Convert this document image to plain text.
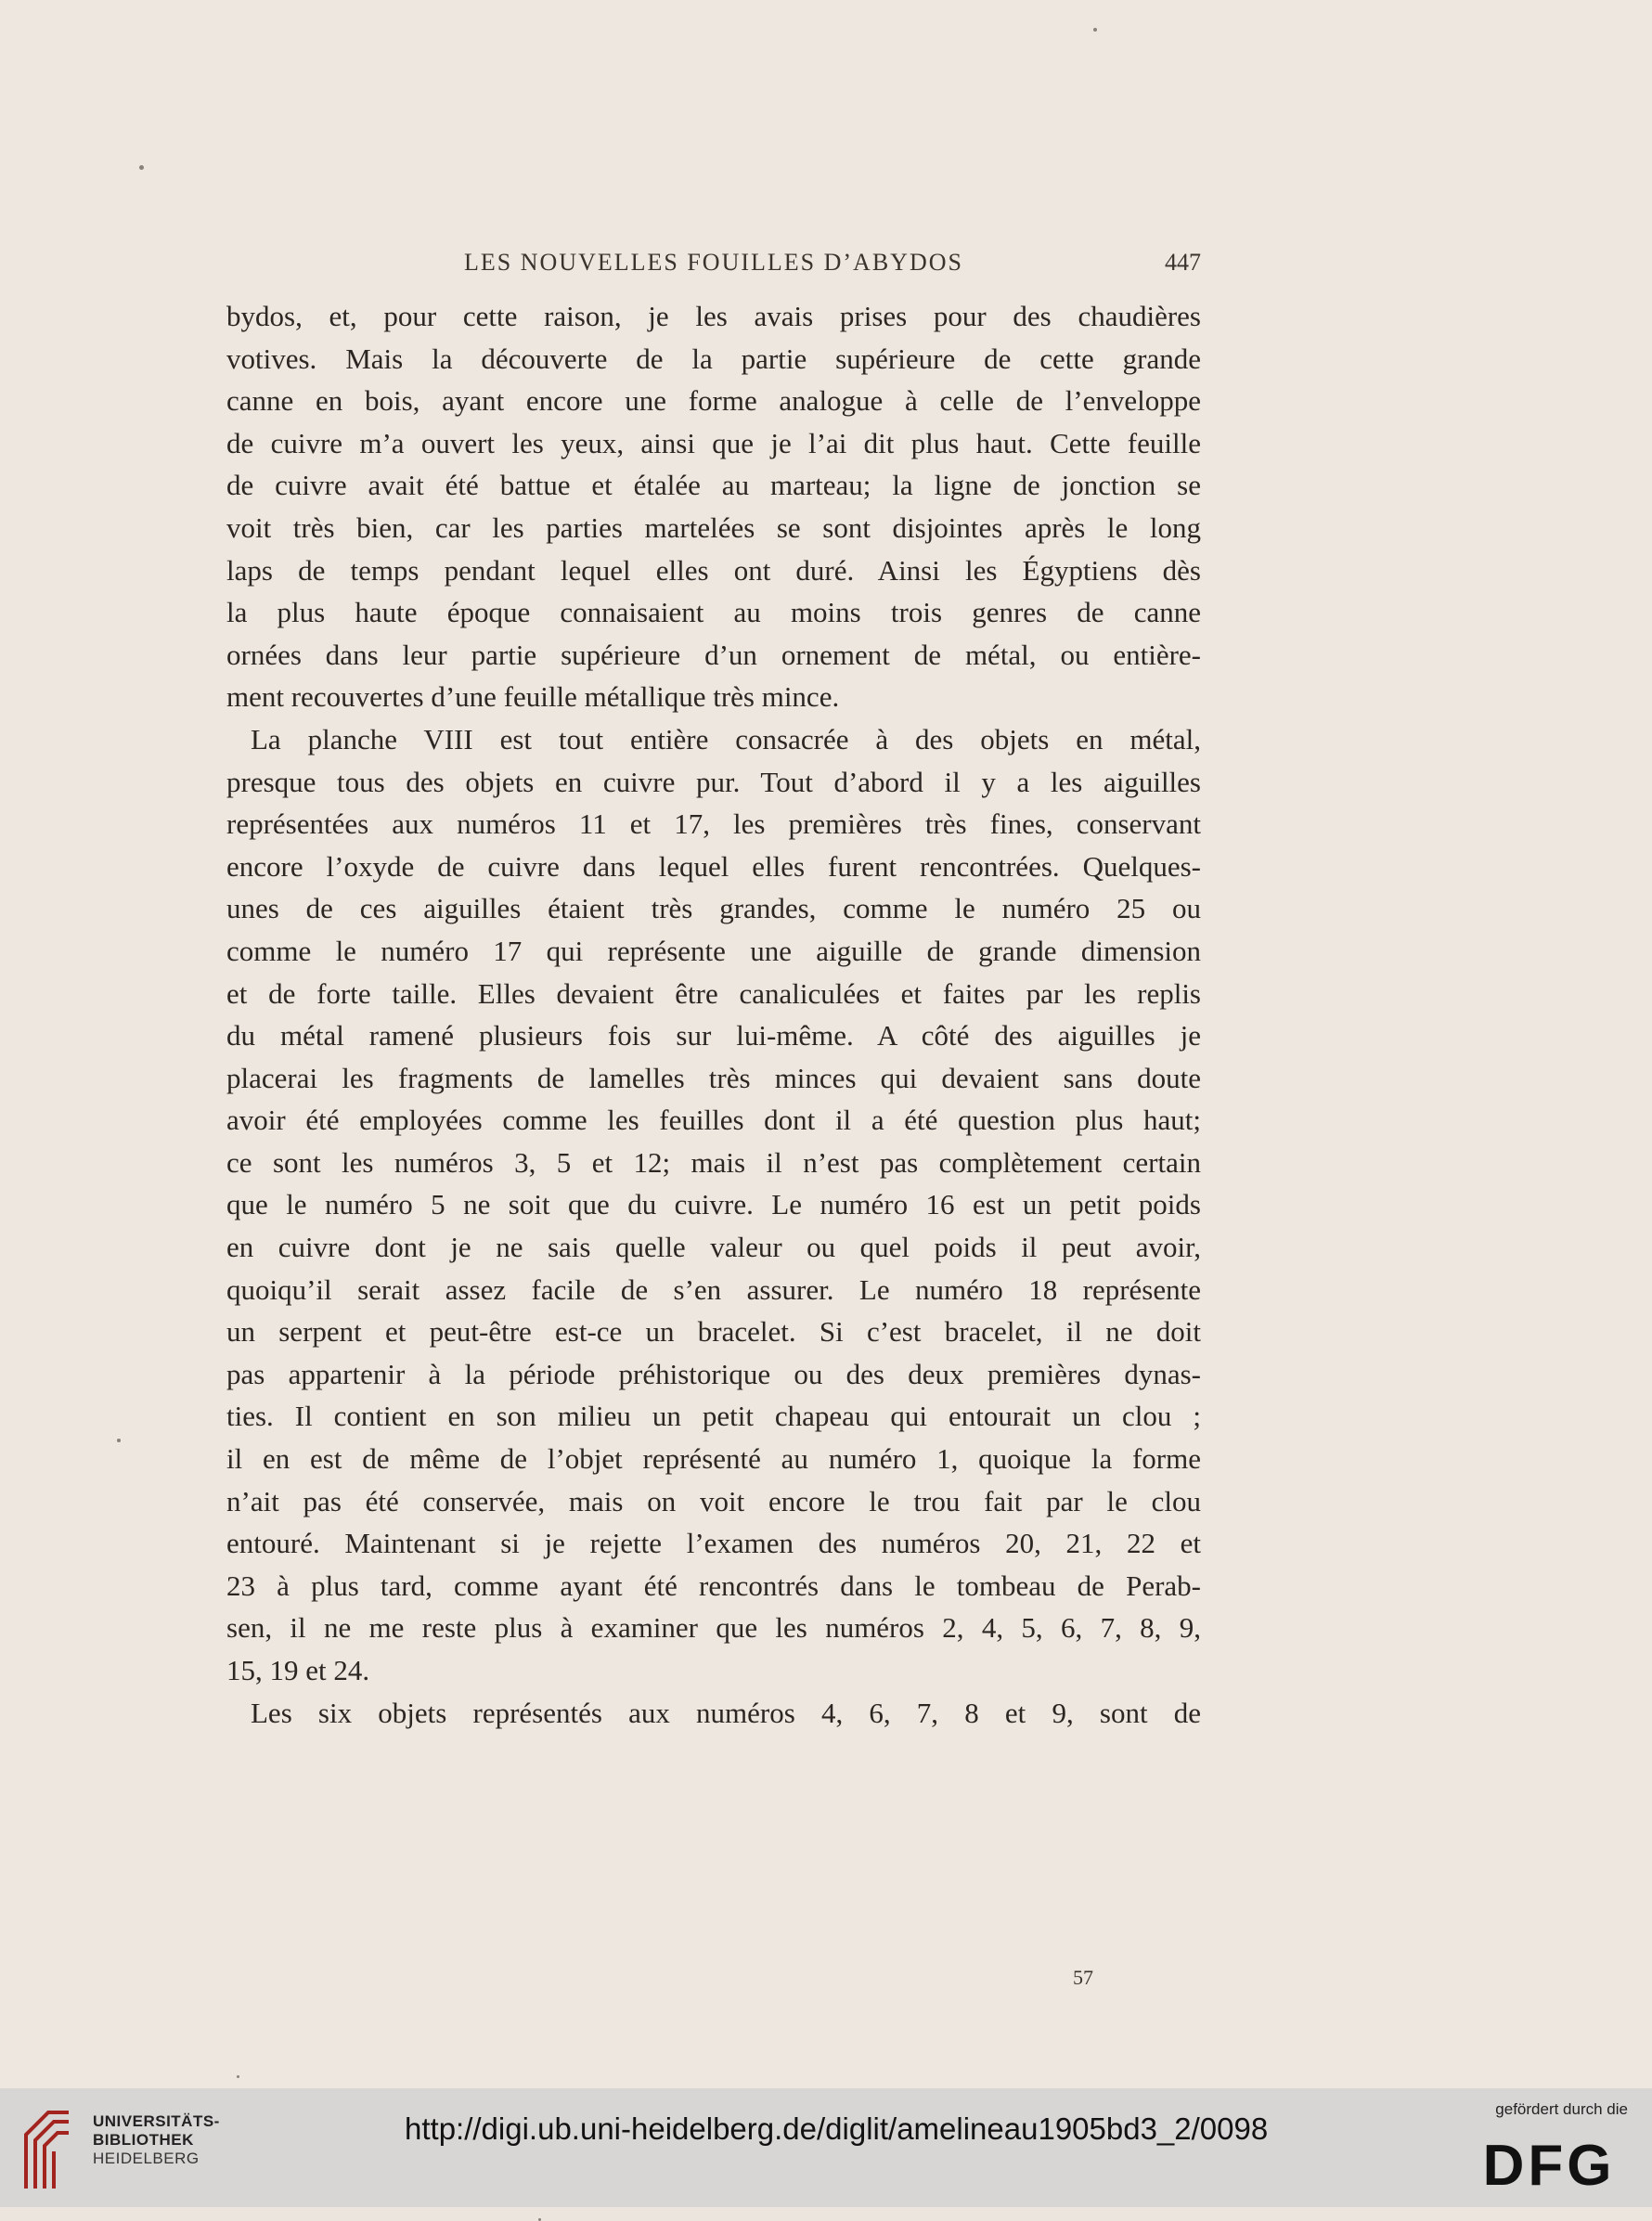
LES NOUVELLES FOUILLES D’ABYDOS	447
bydos, et, pour cette raison, je les avais prises pour des chaudières
votives. Mais la découverte de la partie supérieure de cette grande
canne en bois, ayant encore une forme analogue à celle de l’enveloppe
de cuivre m’a ouvert les yeux, ainsi que je l’ai dit plus haut. Cette feuille
de cuivre avait été battue et étalée au marteau; la ligne de jonction se
voit très bien, car les parties martelées se sont disjointes après le long
laps de temps pendant lequel elles ont duré. Ainsi les Égyptiens dès
la plus haute époque connaisaient au moins trois genres de canne
ornées dans leur partie supérieure d’un ornement de métal, ou entière-
ment recouvertes d’une feuille métallique très mince.
La planche VIII est tout entière consacrée à des objets en métal,
presque tous des objets en cuivre pur. Tout d’abord il y a les aiguilles
représentées aux numéros 11 et 17, les premières très fines, conservant
encore l’oxyde de cuivre dans lequel elles furent rencontrées. Quelques-
unes de ces aiguilles étaient très grandes, comme le numéro 25 ou
comme le numéro 17 qui représente une aiguille de grande dimension
et de forte taille. Elles devaient être canaliculées et faites par les replis
du métal ramené plusieurs fois sur lui-même. A côté des aiguilles je
placerai les fragments de lamelles très minces qui devaient sans doute
avoir été employées comme les feuilles dont il a été question plus haut;
ce sont les numéros 3, 5 et 12; mais il n’est pas complètement certain
que le numéro 5 ne soit que du cuivre. Le numéro 16 est un petit poids
en cuivre dont je ne sais quelle valeur ou quel poids il peut avoir,
quoiqu’il serait assez facile de s’en assurer. Le numéro 18 représente
un serpent et peut-être est-ce un bracelet. Si c’est bracelet, il ne doit
pas appartenir à la période préhistorique ou des deux premières dynas-
ties. Il contient en son milieu un petit chapeau qui entourait un clou ;
il en est de même de l’objet représenté au numéro 1, quoique la forme
n’ait pas été conservée, mais on voit encore le trou fait par le clou
entouré. Maintenant si je rejette l’examen des numéros 20, 21, 22 et
23 à plus tard, comme ayant été rencontrés dans le tombeau de Perab-
sen, il ne me reste plus à examiner que les numéros 2, 4, 5, 6, 7, 8, 9,
15, 19 et 24.
Les six objets représentés aux numéros 4, 6, 7, 8 et 9, sont de
57
UNIVERSITÄTS-
BIBLIOTHEK
HEIDELBERG
http://digi.ub.uni-heidelberg.de/diglit/amelineau1905bd3_2/0098
gefördert durch die
DFG
